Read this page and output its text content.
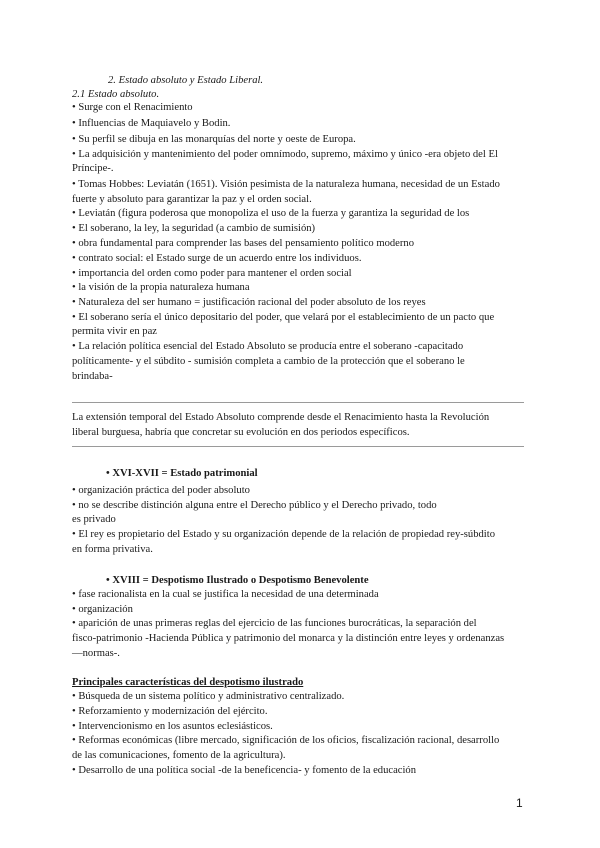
2. Estado absoluto y Estado Liberal.
2.1 Estado absoluto.
• Surge con el Renacimiento
• Influencias de Maquiavelo y Bodin.
• Su perfil se dibuja en las monarquías del norte y oeste de Europa.
• La adquisición y mantenimiento del poder omnímodo, supremo, máximo y único -era objeto del El
Príncipe-.
• Tomas Hobbes: Leviatán (1651). Visión pesimista de la naturaleza humana, necesidad de un Estado
fuerte y absoluto para garantizar la paz y el orden social.
• Leviatán (figura poderosa que monopoliza el uso de la fuerza y garantiza la seguridad de los
• El soberano, la ley, la seguridad (a cambio de sumisión)
• obra fundamental para comprender las bases del pensamiento político moderno
• contrato social: el Estado surge de un acuerdo entre los individuos.
• importancia del orden como poder para mantener el orden social
• la visión de la propia naturaleza humana
• Naturaleza del ser humano = justificación racional del poder absoluto de los reyes
• El soberano sería el único depositario del poder, que velará por el establecimiento de un pacto que
permita vivir en paz
• La relación política esencial del Estado Absoluto se producía entre el soberano -capacitado
políticamente- y el súbdito - sumisión completa a cambio de la protección que el soberano le
brindaba-
La extensión temporal del Estado Absoluto comprende desde el Renacimiento hasta la Revolución
liberal burguesa, habría que concretar su evolución en dos periodos específicos.
• XVI-XVII = Estado patrimonial
• organización práctica del poder absoluto
• no se describe distinción alguna entre el Derecho público y el Derecho privado, todo
es privado
• El rey es propietario del Estado y su organización depende de la relación de propiedad rey-súbdito
en forma privativa.
• XVIII = Despotismo Ilustrado o Despotismo Benevolente
• fase racionalista en la cual se justifica la necesidad de una determinada
• organización
• aparición de unas primeras reglas del ejercicio de las funciones burocráticas, la separación del
fisco-patrimonio -Hacienda Pública y patrimonio del monarca y la distinción entre leyes y ordenanzas
—normas-.
Principales características del despotismo ilustrado
• Búsqueda de un sistema político y administrativo centralizado.
• Reforzamiento y modernización del ejército.
• Intervencionismo en los asuntos eclesiásticos.
• Reformas económicas (libre mercado, significación de los oficios, fiscalización racional, desarrollo
de las comunicaciones, fomento de la agricultura).
• Desarrollo de una política social -de la beneficencia- y fomento de la educación
1
